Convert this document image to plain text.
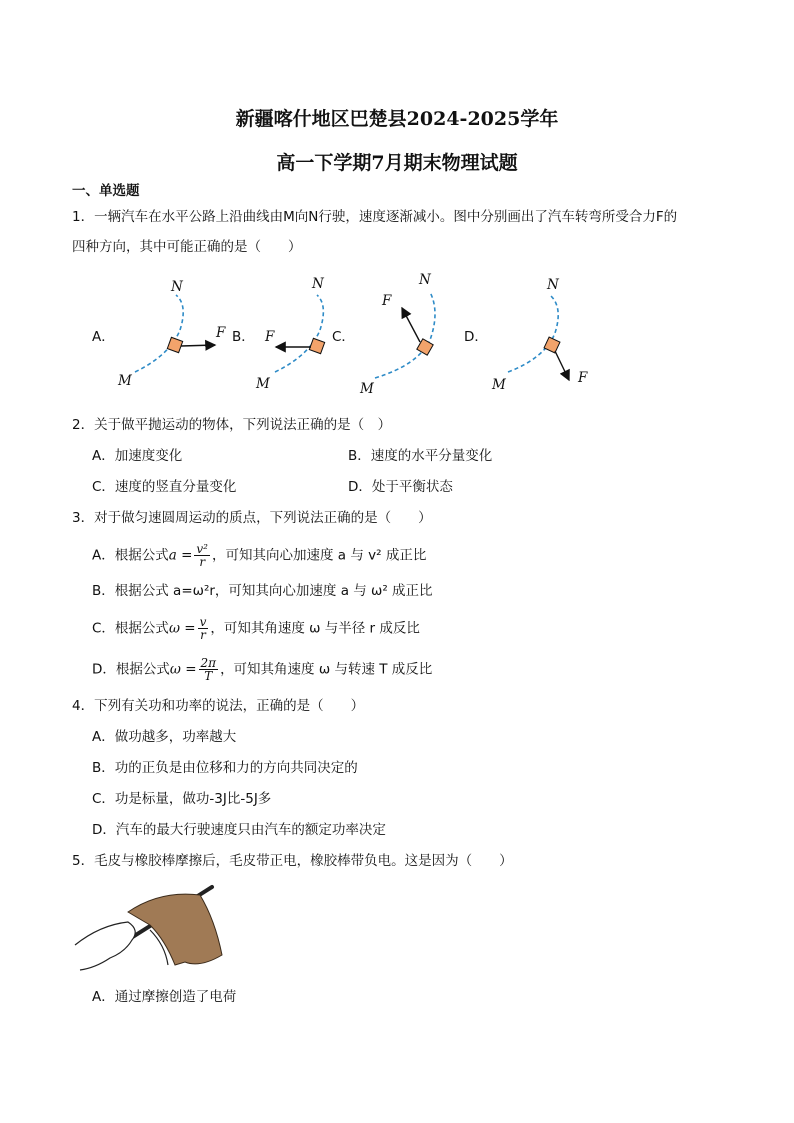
新疆喀什地区巴楚县2024-2025学年
高一下学期7月期末物理试题
一、单选题
1．一辆汽车在水平公路上沿曲线由M向N行驶，速度逐渐减小。图中分别画出了汽车转弯所受合力F的
四种方向，其中可能正确的是（　　）
A．	B．	C．	D．
N
M
F
N
M
F
N
M
F
N
M	F
2．关于做平抛运动的物体，下列说法正确的是（　）
A．加速度变化	B．速度的水平分量变化
C．速度的竖直分量变化	D．处于平衡状态
3．对于做匀速圆周运动的质点，下列说法正确的是（　　）
A．根据公式$a = \frac{\text{v²}}{r}$ ，可知其向心加速度 a 与 v² 成正比
B．根据公式 a=ω²r，可知其向心加速度 a 与 ω² 成正比
C．根据公式$\omega = \frac{v}{r}$ ，可知其角速度 ω 与半径 r 成反比
D．根据公式$\omega = \frac{2\pi}{T}$ ，可知其角速度 ω 与转速 T 成反比
4．下列有关功和功率的说法，正确的是（　　）
A．做功越多，功率越大
B．功的正负是由位移和力的方向共同决定的
C．功是标量，做功-3J比-5J多
D．汽车的最大行驶速度只由汽车的额定功率决定
5．毛皮与橡胶棒摩擦后，毛皮带正电，橡胶棒带负电。这是因为（　　）
A．通过摩擦创造了电荷
